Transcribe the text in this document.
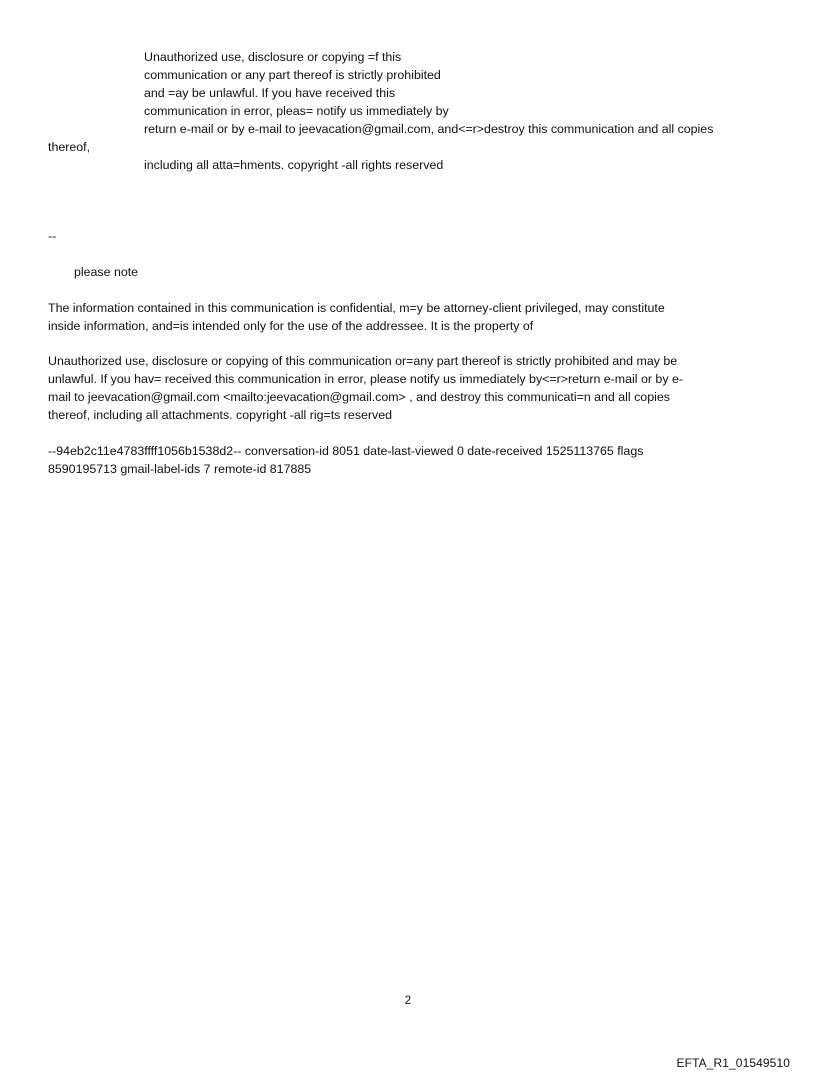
Unauthorized use, disclosure or copying =f this
communication or any part thereof is strictly prohibited
and =ay be unlawful. If you have received this
communication in error, pleas= notify us immediately by
return e-mail or by e-mail to jeevacation@gmail.com, and<=r>destroy this communication and all copies
thereof,
including all atta=hments. copyright -all rights reserved
--
please note
The information contained in this communication is confidential, m=y be attorney-client privileged, may constitute
inside information, and=is intended only for the use of the addressee. It is the property of
Unauthorized use, disclosure or copying of this communication or=any part thereof is strictly prohibited and may be
unlawful. If you hav= received this communication in error, please notify us immediately by<=r>return e-mail or by e-
mail to jeevacation@gmail.com <mailto:jeevacation@gmail.com> , and destroy this communicati=n and all copies
thereof, including all attachments. copyright -all rig=ts reserved
--94eb2c11e4783ffff1056b1538d2-- conversation-id 8051 date-last-viewed 0 date-received 1525113765 flags
8590195713 gmail-label-ids 7 remote-id 817885
2
EFTA_R1_01549510
